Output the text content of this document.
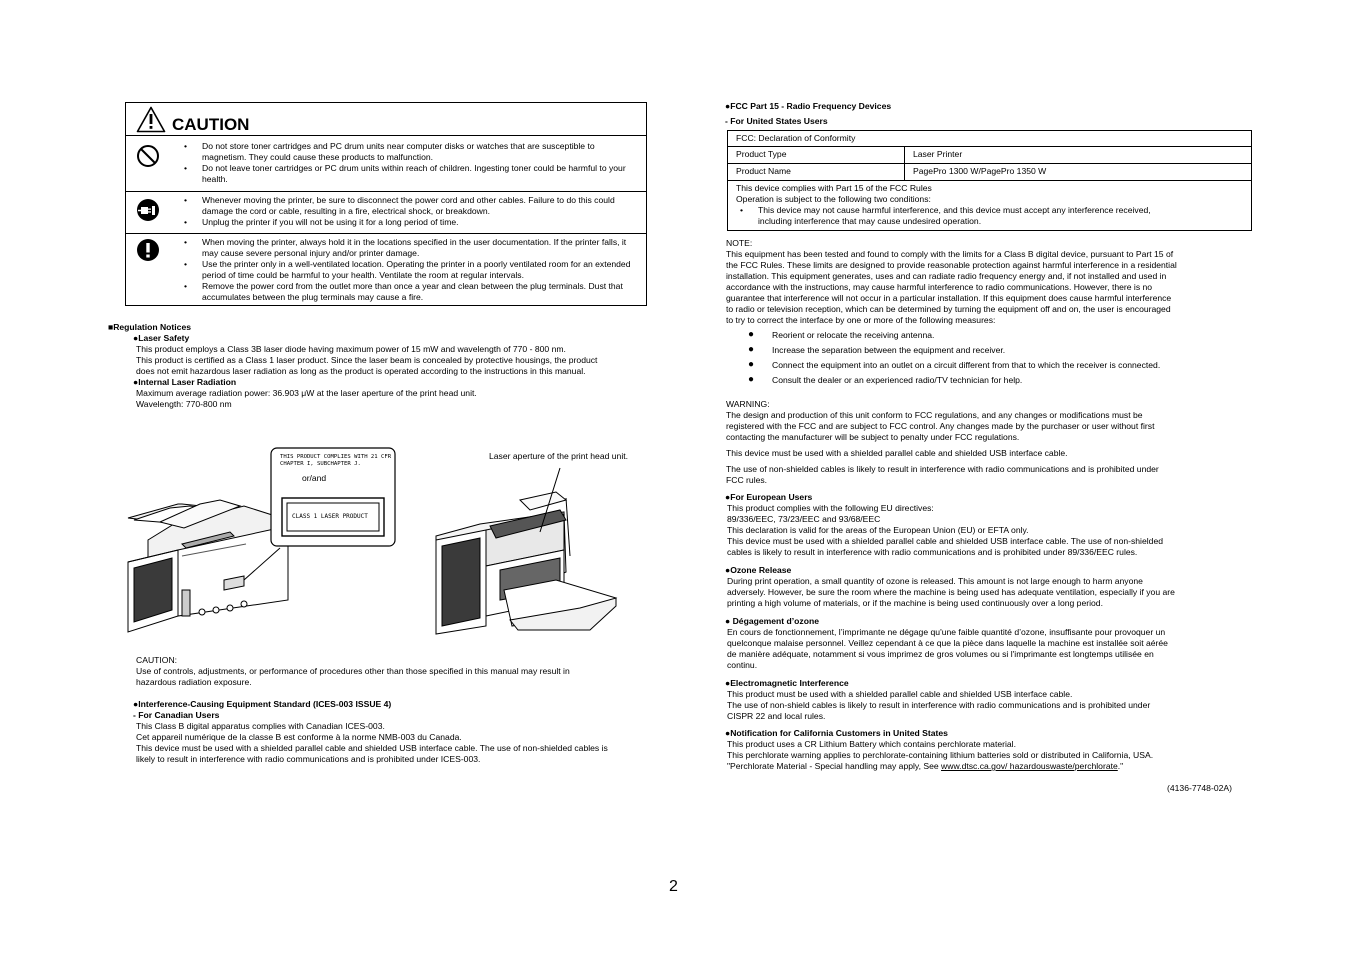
CAUTION
• Do not store toner cartridges and PC drum units near computer disks or watches that are susceptible to magnetism. They could cause these products to malfunction.
• Do not leave toner cartridges or PC drum units within reach of children. Ingesting toner could be harmful to your health.
• Whenever moving the printer, be sure to disconnect the power cord and other cables. Failure to do this could damage the cord or cable, resulting in a fire, electrical shock, or breakdown.
• Unplug the printer if you will not be using it for a long period of time.
• When moving the printer, always hold it in the locations specified in the user documentation. If the printer falls, it may cause severe personal injury and/or printer damage.
• Use the printer only in a well-ventilated location. Operating the printer in a poorly ventilated room for an extended period of time could be harmful to your health. Ventilate the room at regular intervals.
• Remove the power cord from the outlet more than once a year and clean between the plug terminals. Dust that accumulates between the plug terminals may cause a fire.

■Regulation Notices

●Laser Safety

This product employs a Class 3B laser diode having maximum power of 15 mW and wavelength of 770 - 800 nm.

This product is certified as a Class 1 laser product. Since the laser beam is concealed by protective housings, the product

does not emit hazardous laser radiation as long as the product is operated according to the instructions in this manual.

●Internal Laser Radiation

Maximum average radiation power: 36.903 μW at the laser aperture of the print head unit.

Wavelength: 770-800 nm

THIS PRODUCT COMPLIES WITH 21 CFR

CHAPTER I, SUBCHAPTER J.

or/and
CLASS 1 LASER PRODUCT
Laser aperture of the print head unit.

CAUTION:

Use of controls, adjustments, or performance of procedures other than those specified in this manual may result in

hazardous radiation exposure.

●Interference-Causing Equipment Standard (ICES-003 ISSUE 4)

- For Canadian Users

This Class B digital apparatus complies with Canadian ICES-003.

Cet appareil numérique de la classe B est conforme à la norme NMB-003 du Canada.

This device must be used with a shielded parallel cable and shielded USB interface cable. The use of non-shielded cables is

likely to result in interference with radio communications and is prohibited under ICES-003.

●FCC Part 15 - Radio Frequency Devices

- For United States Users

FCC: Declaration of Conformity	
Product Type	Laser Printer
Product Name	PagePro 1300 W/PagePro 1350 W

This device complies with Part 15 of the FCC Rules

Operation is subject to the following two conditions:

• This device may not cause harmful interference, and this device must accept any interference received,

including interference that may cause undesired operation.	

NOTE:

This equipment has been tested and found to comply with the limits for a Class B digital device, pursuant to Part 15 of

the FCC Rules. These limits are designed to provide reasonable protection against harmful interference in a residential

installation. This equipment generates, uses and can radiate radio frequency energy and, if not installed and used in

accordance with the instructions, may cause harmful interference to radio communications. However, there is no

guarantee that interference will not occur in a particular installation. If this equipment does cause harmful interference

to radio or television reception, which can be determined by turning the equipment off and on, the user is encouraged

to try to correct the interface by one or more of the following measures:

● Reorient or relocate the receiving antenna.
● Increase the separation between the equipment and receiver.
● Connect the equipment into an outlet on a circuit different from that to which the receiver is connected.
● Consult the dealer or an experienced radio/TV technician for help.

WARNING:

The design and production of this unit conform to FCC regulations, and any changes or modifications must be

registered with the FCC and are subject to FCC control. Any changes made by the purchaser or user without first

contacting the manufacturer will be subject to penalty under FCC regulations.

This device must be used with a shielded parallel cable and shielded USB interface cable.

The use of non-shielded cables is likely to result in interference with radio communications and is prohibited under

FCC rules.

●For European Users

This product complies with the following EU directives:

89/336/EEC, 73/23/EEC and 93/68/EEC

This declaration is valid for the areas of the European Union (EU) or EFTA only.

This device must be used with a shielded parallel cable and shielded USB interface cable. The use of non-shielded

cables is likely to result in interference with radio communications and is prohibited under 89/336/EEC rules.

●Ozone Release

During print operation, a small quantity of ozone is released. This amount is not large enough to harm anyone

adversely. However, be sure the room where the machine is being used has adequate ventilation, especially if you are

printing a high volume of materials, or if the machine is being used continuously over a long period.

● Dégagement d’ozone

En cours de fonctionnement, l’imprimante ne dégage qu'une faible quantité d’ozone, insuffisante pour provoquer un

quelconque malaise personnel. Veillez cependant à ce que la pièce dans laquelle la machine est installée soit aérée

de manière adéquate, notamment si vous imprimez de gros volumes ou si l'imprimante est longtemps utilisée en

continu.

●Electromagnetic Interference

This product must be used with a shielded parallel cable and shielded USB interface cable.

The use of non-shield cables is likely to result in interference with radio communications and is prohibited under

CISPR 22 and local rules.

●Notification for California Customers in United States

This product uses a CR Lithium Battery which contains perchlorate material.

This perchlorate warning applies to perchlorate-containing lithium batteries sold or distributed in California, USA.

"Perchlorate Material - Special handling may apply, See www.dtsc.ca.gov/ hazardouswaste/perchlorate."

(4136-7748-02A)
2
